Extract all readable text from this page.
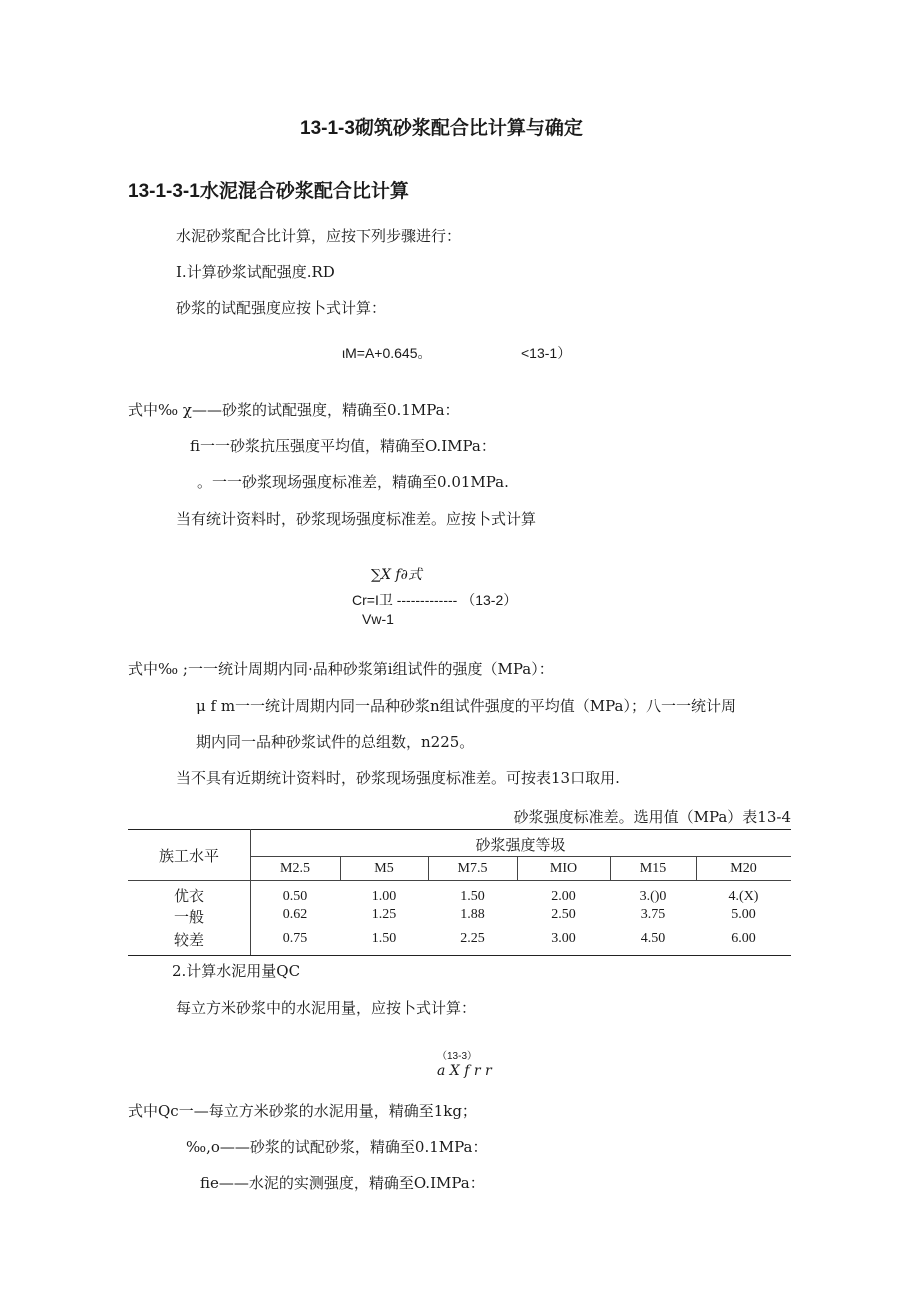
13-1-3砌筑砂浆配合比计算与确定
13-1-3-1水泥混合砂浆配合比计算
水泥砂浆配合比计算，应按下列步骤进行：
I.计算砂浆试配强度.RD
砂浆的试配强度应按卜式计算：
ιM=A+0.645。	<13-1）
式中‰ χ——砂浆的试配强度，精确至0.1MPa：
fi一一砂浆抗压强度平均值，精确至O.IMPa：
。一一砂浆现场强度标准差，精确至0.01MPa.
当有统计资料时，砂浆现场强度标准差。应按卜式计算
∑X f∂式
Cr=I卫 ------------- （13-2）
Vw-1
式中‰ ;一一统计周期内同·品种砂浆第i组试件的强度（MPa）：
μ f m一一统计周期内同一品种砂浆n组试件强度的平均值（MPa）；八一一统计周
期内同一品种砂浆试件的总组数，n225。
当不具有近期统计资料时，砂浆现场强度标准差。可按表13口取用.
砂浆强度标准差。选用值（MPa）表13-4
族工水平
砂浆强度等圾
M2.5	M5	M7.5	MIO	M15	M20
优衣	0.50	1.00	1.50	2.00	3.()0	4.(X)
一般	0.62	1.25	1.88	2.50	3.75	5.00
较差	0.75	1.50	2.25	3.00	4.50	6.00
2.计算水泥用量QC
每立方米砂浆中的水泥用量，应按卜式计算：
（13-3）
a X f r r
式中Qc一—每立方米砂浆的水泥用量，精确至1kg；
‰,o——砂浆的试配砂浆，精确至0.1MPa：
fie——水泥的实测强度，精确至O.IMPa：
